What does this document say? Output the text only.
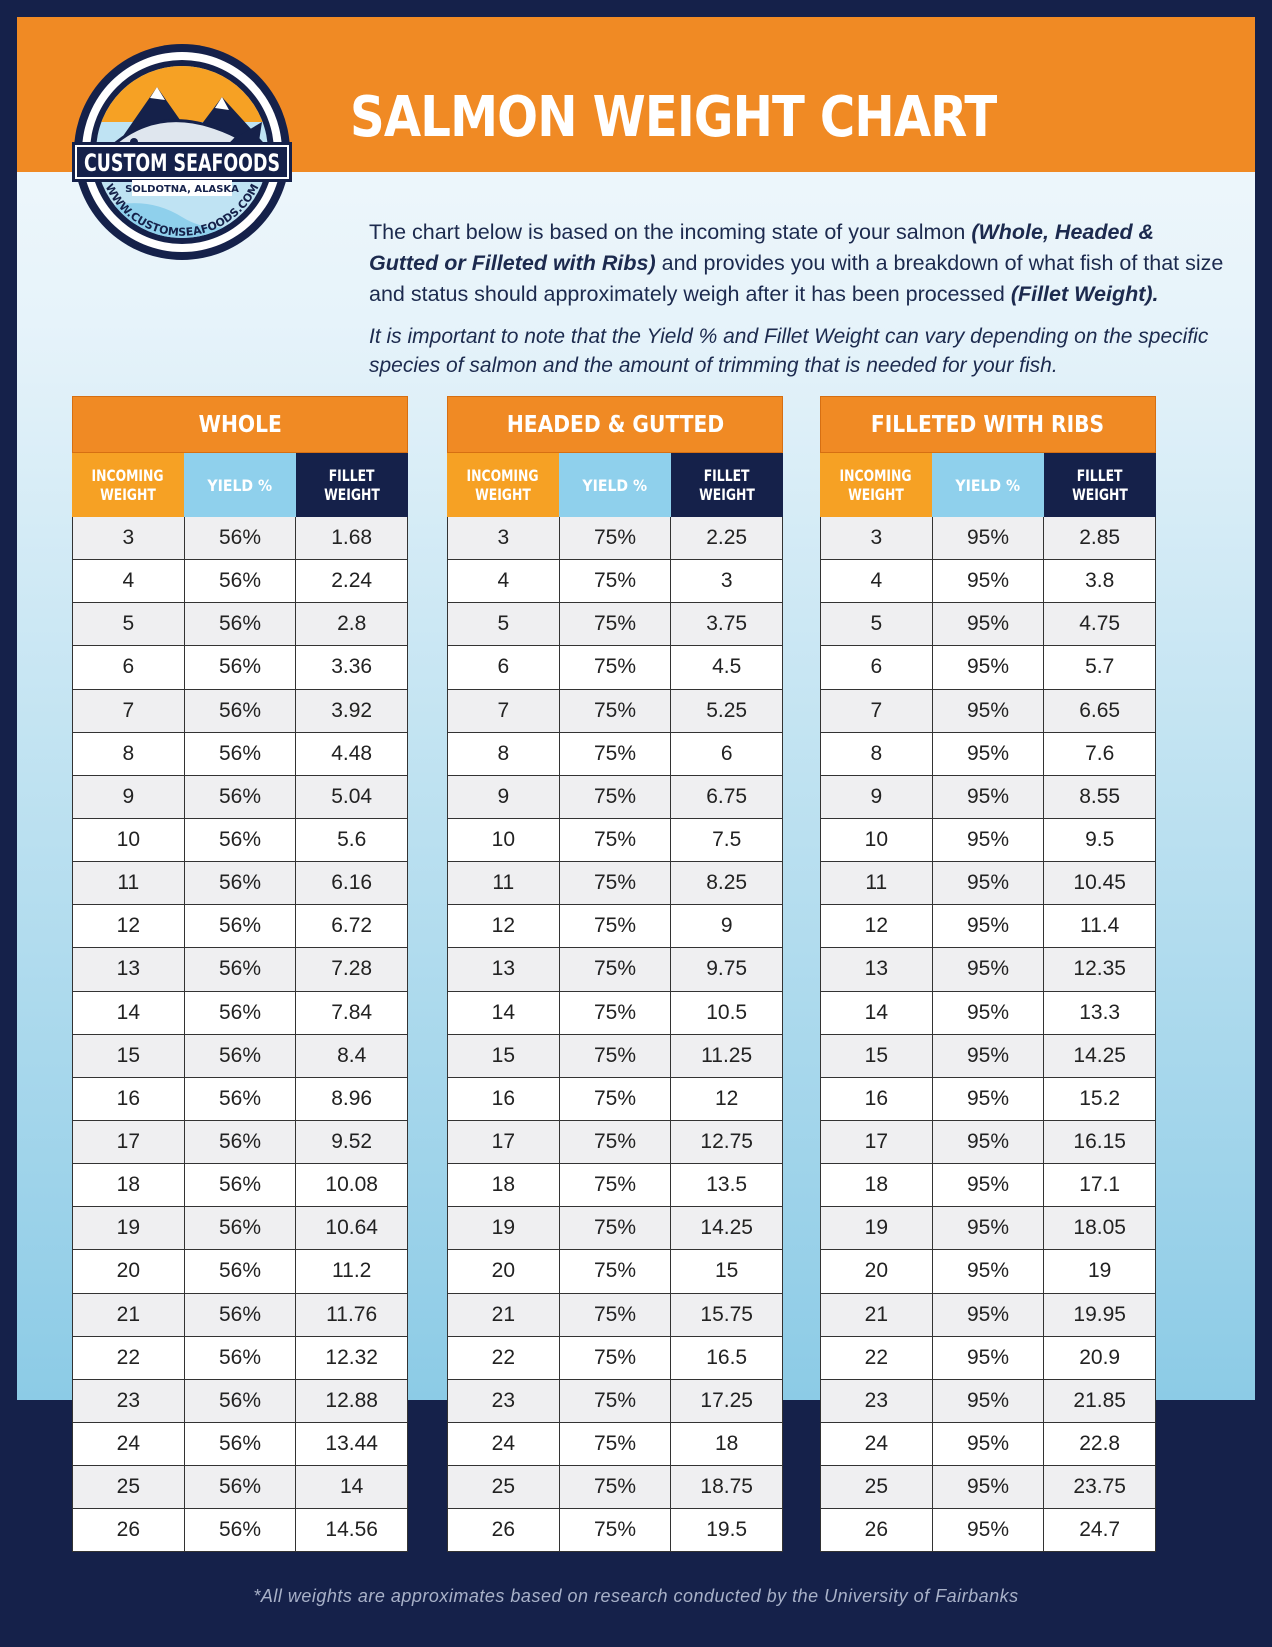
SALMON WEIGHT CHART

The chart below is based on the incoming state of your salmon (Whole, Headed & Gutted or Filleted with Ribs) and provides you with a breakdown of what fish of that size and status should approximately weigh after it has been processed (Fillet Weight).

It is important to note that the Yield % and Fillet Weight can vary depending on the specific species of salmon and the amount of trimming that is needed for your fish.

CUSTOM SEAFOODS
SOLDOTNA, ALASKA
WWW.CUSTOMSEAFOODS.COM
WHOLE
INCOMING
WEIGHT	YIELD %	FILLET
WEIGHT
3	56%	1.68
4	56%	2.24
5	56%	2.8
6	56%	3.36
7	56%	3.92
8	56%	4.48
9	56%	5.04
10	56%	5.6
11	56%	6.16
12	56%	6.72
13	56%	7.28
14	56%	7.84
15	56%	8.4
16	56%	8.96
17	56%	9.52
18	56%	10.08
19	56%	10.64
20	56%	11.2
21	56%	11.76
22	56%	12.32
23	56%	12.88
24	56%	13.44
25	56%	14
26	56%	14.56
HEADED & GUTTED
INCOMING
WEIGHT	YIELD %	FILLET
WEIGHT
3	75%	2.25
4	75%	3
5	75%	3.75
6	75%	4.5
7	75%	5.25
8	75%	6
9	75%	6.75
10	75%	7.5
11	75%	8.25
12	75%	9
13	75%	9.75
14	75%	10.5
15	75%	11.25
16	75%	12
17	75%	12.75
18	75%	13.5
19	75%	14.25
20	75%	15
21	75%	15.75
22	75%	16.5
23	75%	17.25
24	75%	18
25	75%	18.75
26	75%	19.5
FILLETED WITH RIBS
INCOMING
WEIGHT	YIELD %	FILLET
WEIGHT
3	95%	2.85
4	95%	3.8
5	95%	4.75
6	95%	5.7
7	95%	6.65
8	95%	7.6
9	95%	8.55
10	95%	9.5
11	95%	10.45
12	95%	11.4
13	95%	12.35
14	95%	13.3
15	95%	14.25
16	95%	15.2
17	95%	16.15
18	95%	17.1
19	95%	18.05
20	95%	19
21	95%	19.95
22	95%	20.9
23	95%	21.85
24	95%	22.8
25	95%	23.75
26	95%	24.7
*All weights are approximates based on research conducted by the University of Fairbanks
